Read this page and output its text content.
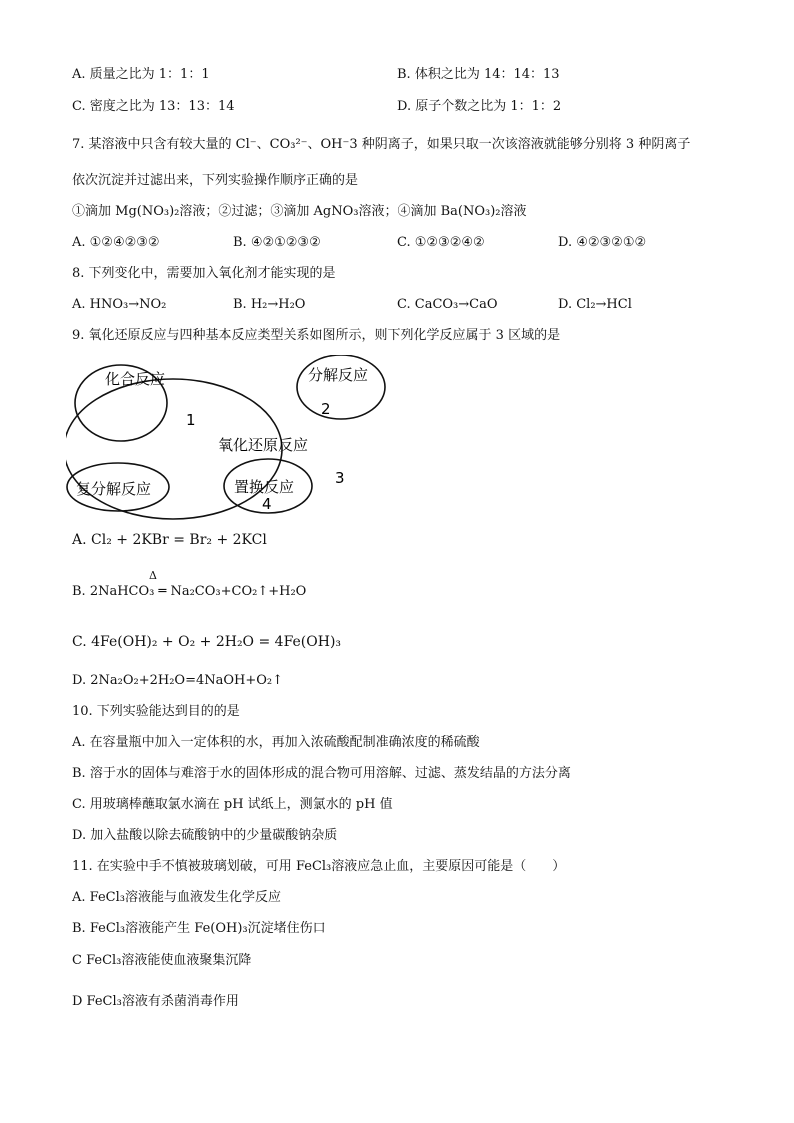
A. 质量之比为 1：1：1	B. 体积之比为 14：14：13
C. 密度之比为 13：13：14	D. 原子个数之比为 1：1：2
7. 某溶液中只含有较大量的 Cl⁻、CO₃²⁻、OH⁻3 种阴离子，如果只取一次该溶液就能够分别将 3 种阴离子
依次沉淀并过滤出来，下列实验操作顺序正确的是
①滴加 Mg(NO₃)₂溶液；②过滤；③滴加 AgNO₃溶液；④滴加 Ba(NO₃)₂溶液
A. ①②④②③②	B. ④②①②③②	C. ①②③②④②	D. ④②③②①②
8. 下列变化中，需要加入氧化剂才能实现的是
A. HNO₃→NO₂	B. H₂→H₂O	C. CaCO₃→CaO	D. Cl₂→HCl
9. 氧化还原反应与四种基本反应类型关系如图所示，则下列化学反应属于 3 区域的是
化合反应	分解反应
氧化还原反应
复分解反应	置换反应
1
2
3
4
A. Cl₂ + 2KBr = Br₂ + 2KCl
Δ
B. 2NaHCO₃ ═ Na₂CO₃+CO₂↑+H₂O
C. 4Fe(OH)₂ + O₂ + 2H₂O = 4Fe(OH)₃
D. 2Na₂O₂+2H₂O=4NaOH+O₂↑
10. 下列实验能达到目的的是
A. 在容量瓶中加入一定体积的水，再加入浓硫酸配制准确浓度的稀硫酸
B. 溶于水的固体与难溶于水的固体形成的混合物可用溶解、过滤、蒸发结晶的方法分离
C. 用玻璃棒蘸取氯水滴在 pH 试纸上，测氯水的 pH 值
D. 加入盐酸以除去硫酸钠中的少量碳酸钠杂质
11. 在实验中手不慎被玻璃划破，可用 FeCl₃溶液应急止血，主要原因可能是（　　）
A. FeCl₃溶液能与血液发生化学反应
B. FeCl₃溶液能产生 Fe(OH)₃沉淀堵住伤口
C FeCl₃溶液能使血液聚集沉降
D FeCl₃溶液有杀菌消毒作用
